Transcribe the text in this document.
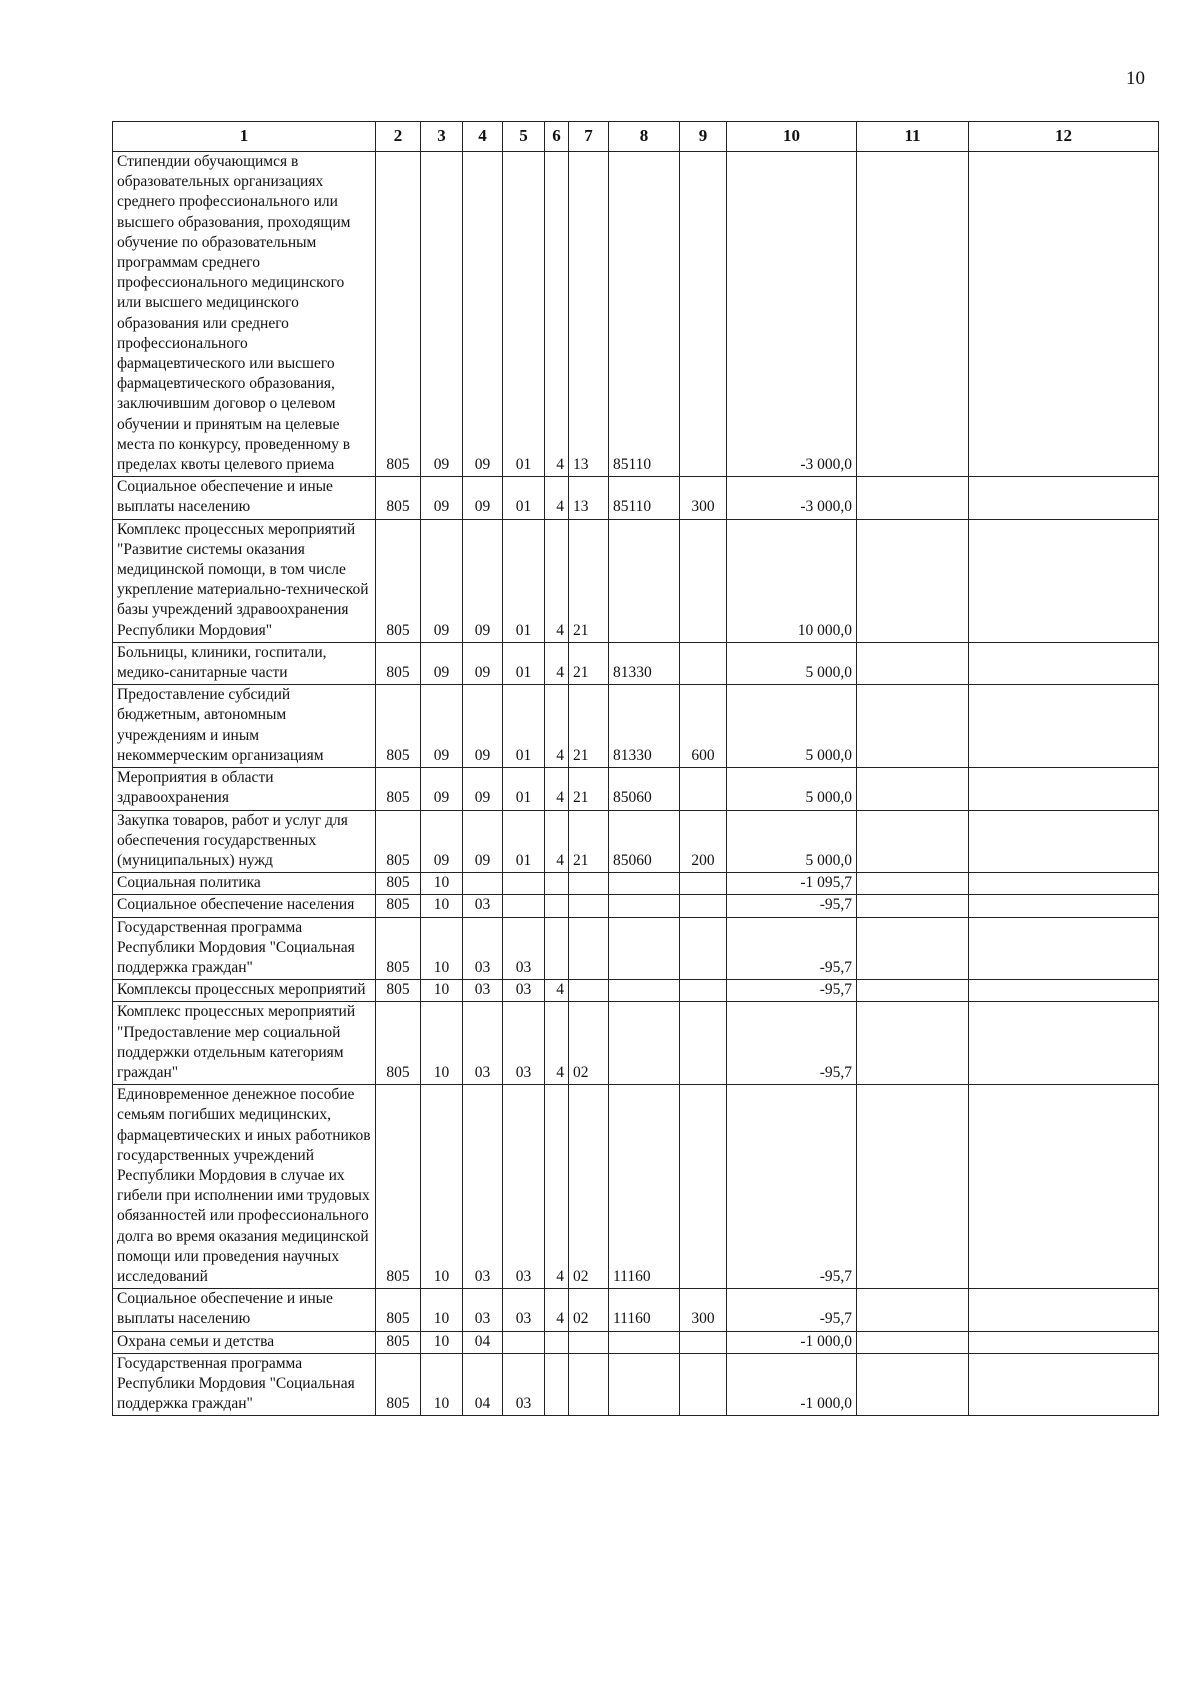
10
1	2	3	4	5	6	7	8	9	10	11	12
Стипендии обучающимся в образовательных организациях среднего профессионального или высшего образования, проходящим обучение по образовательным программам среднего профессионального медицинского или высшего медицинского образования или среднего профессионального фармацевтического или высшего фармацевтического образования, заключившим договор о целевом обучении и принятым на целевые места по конкурсу, проведенному в пределах квоты целевого приема	805	09	09	01	4	13	85110		-3 000,0		
Социальное обеспечение и иные выплаты населению	805	09	09	01	4	13	85110	300	-3 000,0		
Комплекс процессных мероприятий "Развитие системы оказания медицинской помощи, в том числе укрепление материально-технической базы учреждений здравоохранения Республики Мордовия"	805	09	09	01	4	21			10 000,0		
Больницы, клиники, госпитали, медико-санитарные части	805	09	09	01	4	21	81330		5 000,0		
Предоставление субсидий бюджетным, автономным учреждениям и иным некоммерческим организациям	805	09	09	01	4	21	81330	600	5 000,0		
Мероприятия в области здравоохранения	805	09	09	01	4	21	85060		5 000,0		
Закупка товаров, работ и услуг для обеспечения государственных (муниципальных) нужд	805	09	09	01	4	21	85060	200	5 000,0		
Социальная политика	805	10							-1 095,7		
Социальное обеспечение населения	805	10	03						-95,7		
Государственная программа Республики Мордовия "Социальная поддержка граждан"	805	10	03	03					-95,7		
Комплексы процессных мероприятий	805	10	03	03	4				-95,7		
Комплекс процессных мероприятий "Предоставление мер социальной поддержки отдельным категориям граждан"	805	10	03	03	4	02			-95,7		
Единовременное денежное пособие семьям погибших медицинских, фармацевтических и иных работников государственных учреждений Республики Мордовия в случае их гибели при исполнении ими трудовых обязанностей или профессионального долга во время оказания медицинской помощи или проведения научных исследований	805	10	03	03	4	02	11160		-95,7		
Социальное обеспечение и иные выплаты населению	805	10	03	03	4	02	11160	300	-95,7		
Охрана семьи и детства	805	10	04						-1 000,0		
Государственная программа Республики Мордовия "Социальная поддержка граждан"	805	10	04	03					-1 000,0		
